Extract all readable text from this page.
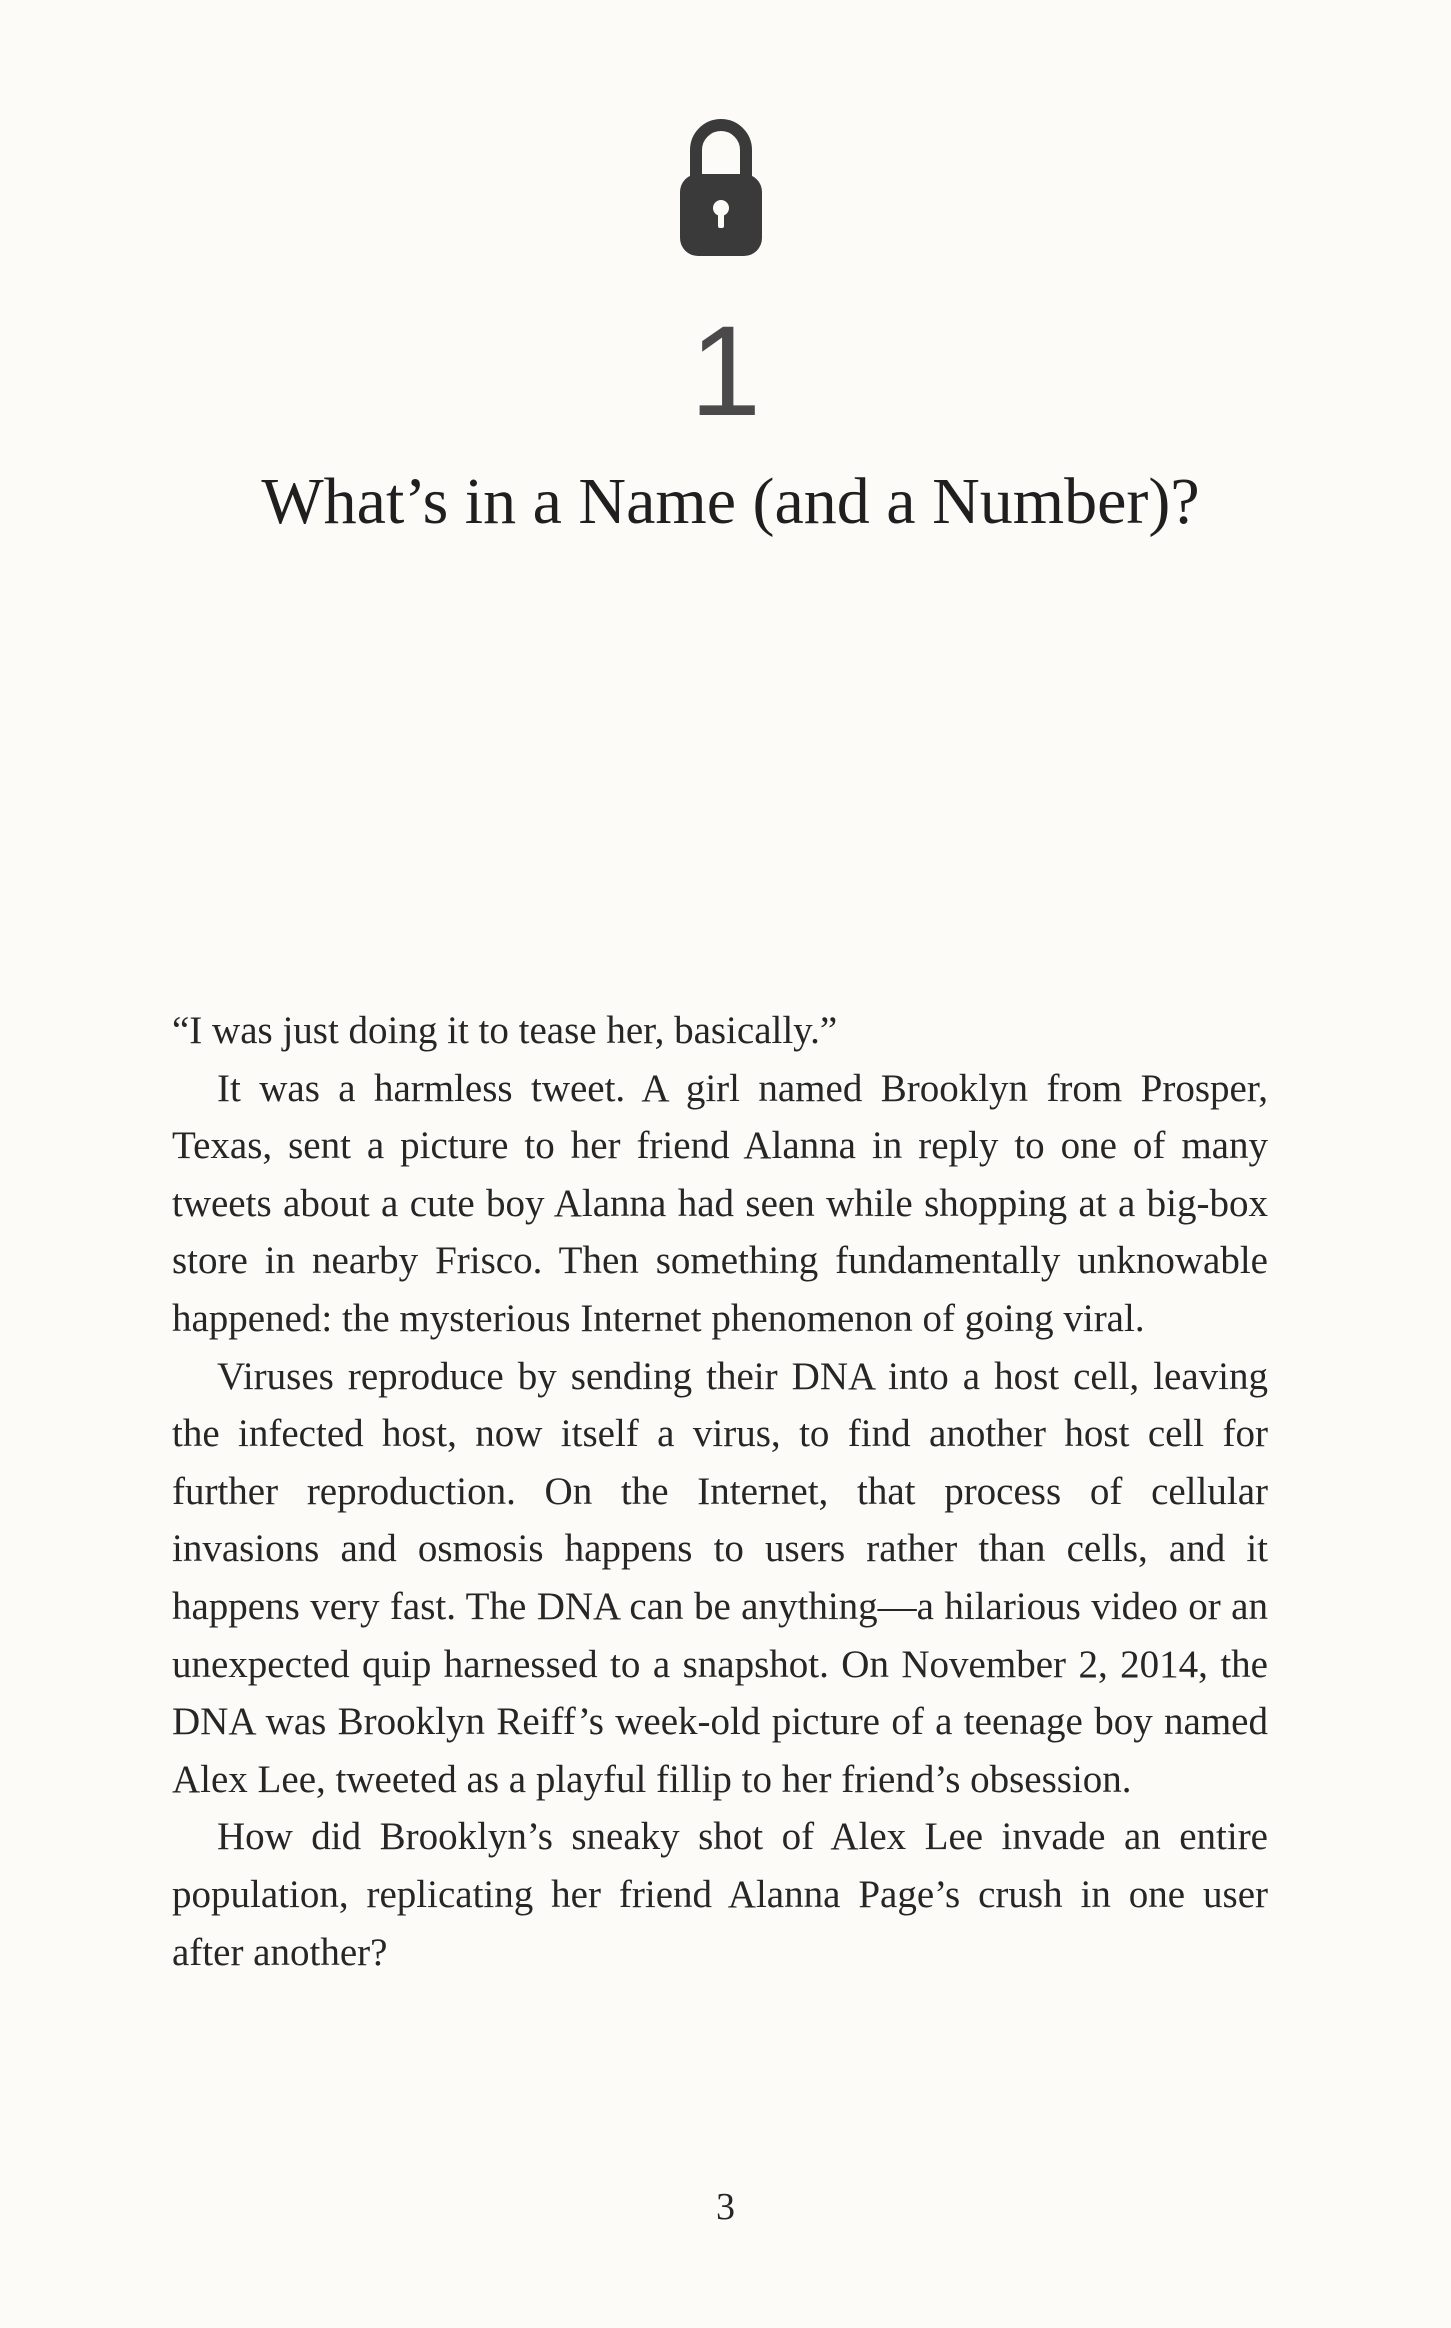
1
What’s in a Name (and a Number)?

“I was just doing it to tease her, basically.”

It was a harmless tweet. A girl named Brooklyn from Prosper, Texas, sent a picture to her friend Alanna in reply to one of many tweets about a cute boy Alanna had seen while shopping at a big-box store in nearby Frisco. Then something fundamentally unknowable happened: the mysterious Internet phenomenon of going viral.

Viruses reproduce by sending their DNA into a host cell, leaving the infected host, now itself a virus, to find another host cell for further reproduction. On the Internet, that process of cellular invasions and osmosis happens to users rather than cells, and it happens very fast. The DNA can be anything—a hilarious video or an unexpected quip harnessed to a snapshot. On November 2, 2014, the DNA was Brooklyn Reiff’s week-old picture of a teenage boy named Alex Lee, tweeted as a playful fillip to her friend’s obsession.

How did Brooklyn’s sneaky shot of Alex Lee invade an entire population, replicating her friend Alanna Page’s crush in one user after another?

3
